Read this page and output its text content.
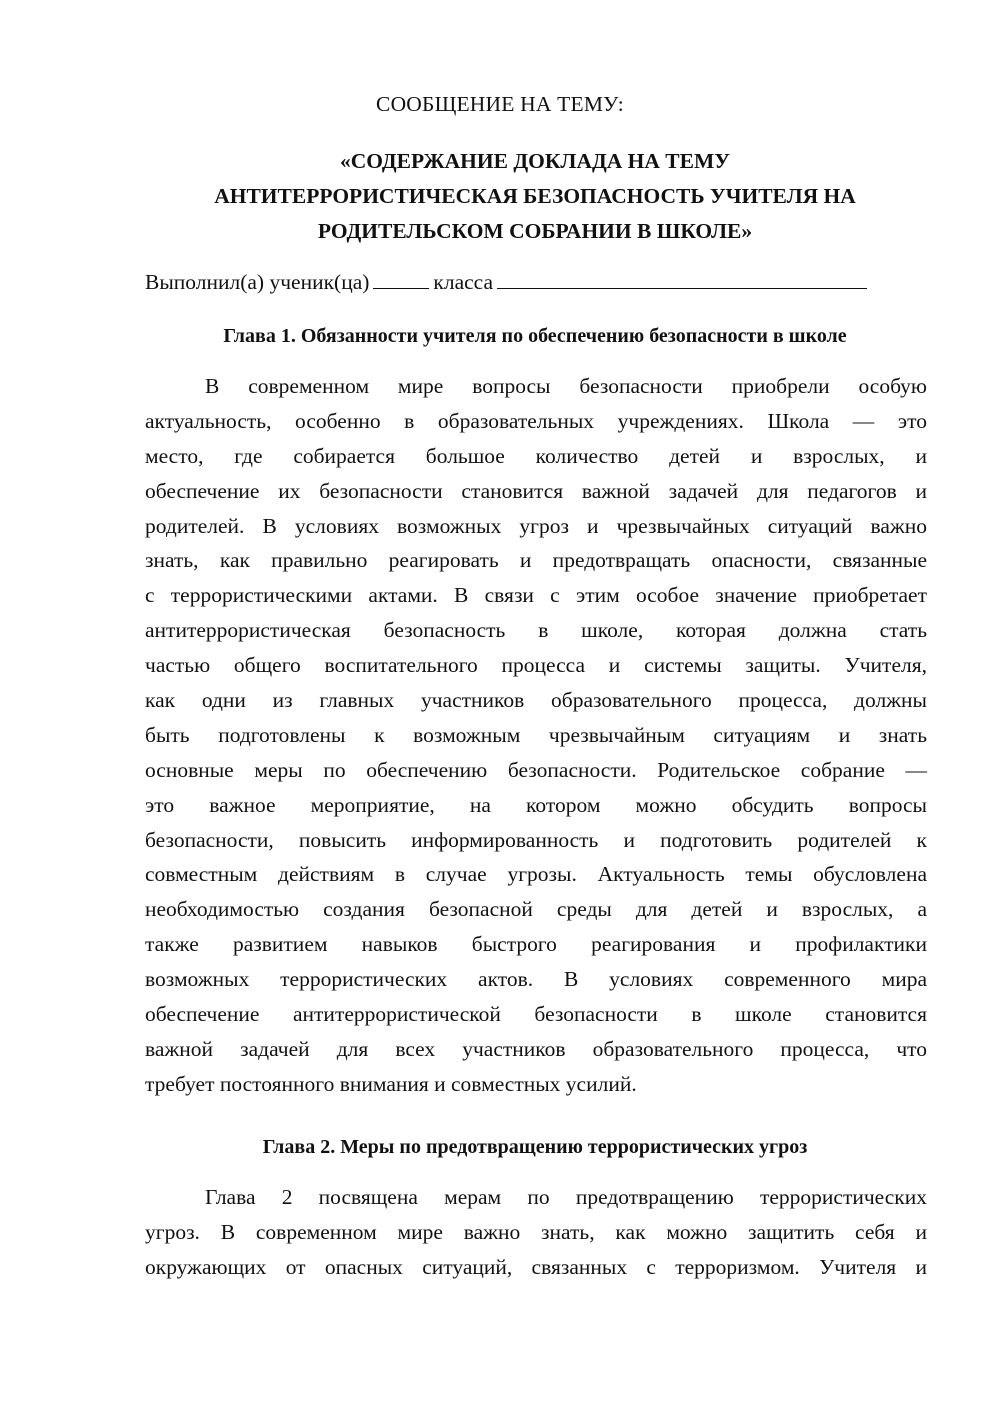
СООБЩЕНИЕ НА ТЕМУ:
«СОДЕРЖАНИЕ ДОКЛАДА НА ТЕМУ
АНТИТЕРРОРИСТИЧЕСКАЯ БЕЗОПАСНОСТЬ УЧИТЕЛЯ НА
РОДИТЕЛЬСКОМ СОБРАНИИ В ШКОЛЕ»
Выполнил(а) ученик(ца)	класса
Глава 1. Обязанности учителя по обеспечению безопасности в школе
В современном мире вопросы безопасности приобрели особую
актуальность, особенно в образовательных учреждениях. Школа — это
место, где собирается большое количество детей и взрослых, и
обеспечение их безопасности становится важной задачей для педагогов и
родителей. В условиях возможных угроз и чрезвычайных ситуаций важно
знать, как правильно реагировать и предотвращать опасности, связанные
с террористическими актами. В связи с этим особое значение приобретает
антитеррористическая безопасность в школе, которая должна стать
частью общего воспитательного процесса и системы защиты. Учителя,
как одни из главных участников образовательного процесса, должны
быть подготовлены к возможным чрезвычайным ситуациям и знать
основные меры по обеспечению безопасности. Родительское собрание —
это важное мероприятие, на котором можно обсудить вопросы
безопасности, повысить информированность и подготовить родителей к
совместным действиям в случае угрозы. Актуальность темы обусловлена
необходимостью создания безопасной среды для детей и взрослых, а
также развитием навыков быстрого реагирования и профилактики
возможных террористических актов. В условиях современного мира
обеспечение антитеррористической безопасности в школе становится
важной задачей для всех участников образовательного процесса, что
требует постоянного внимания и совместных усилий.
Глава 2. Меры по предотвращению террористических угроз
Глава 2 посвящена мерам по предотвращению террористических
угроз. В современном мире важно знать, как можно защитить себя и
окружающих от опасных ситуаций, связанных с терроризмом. Учителя и
